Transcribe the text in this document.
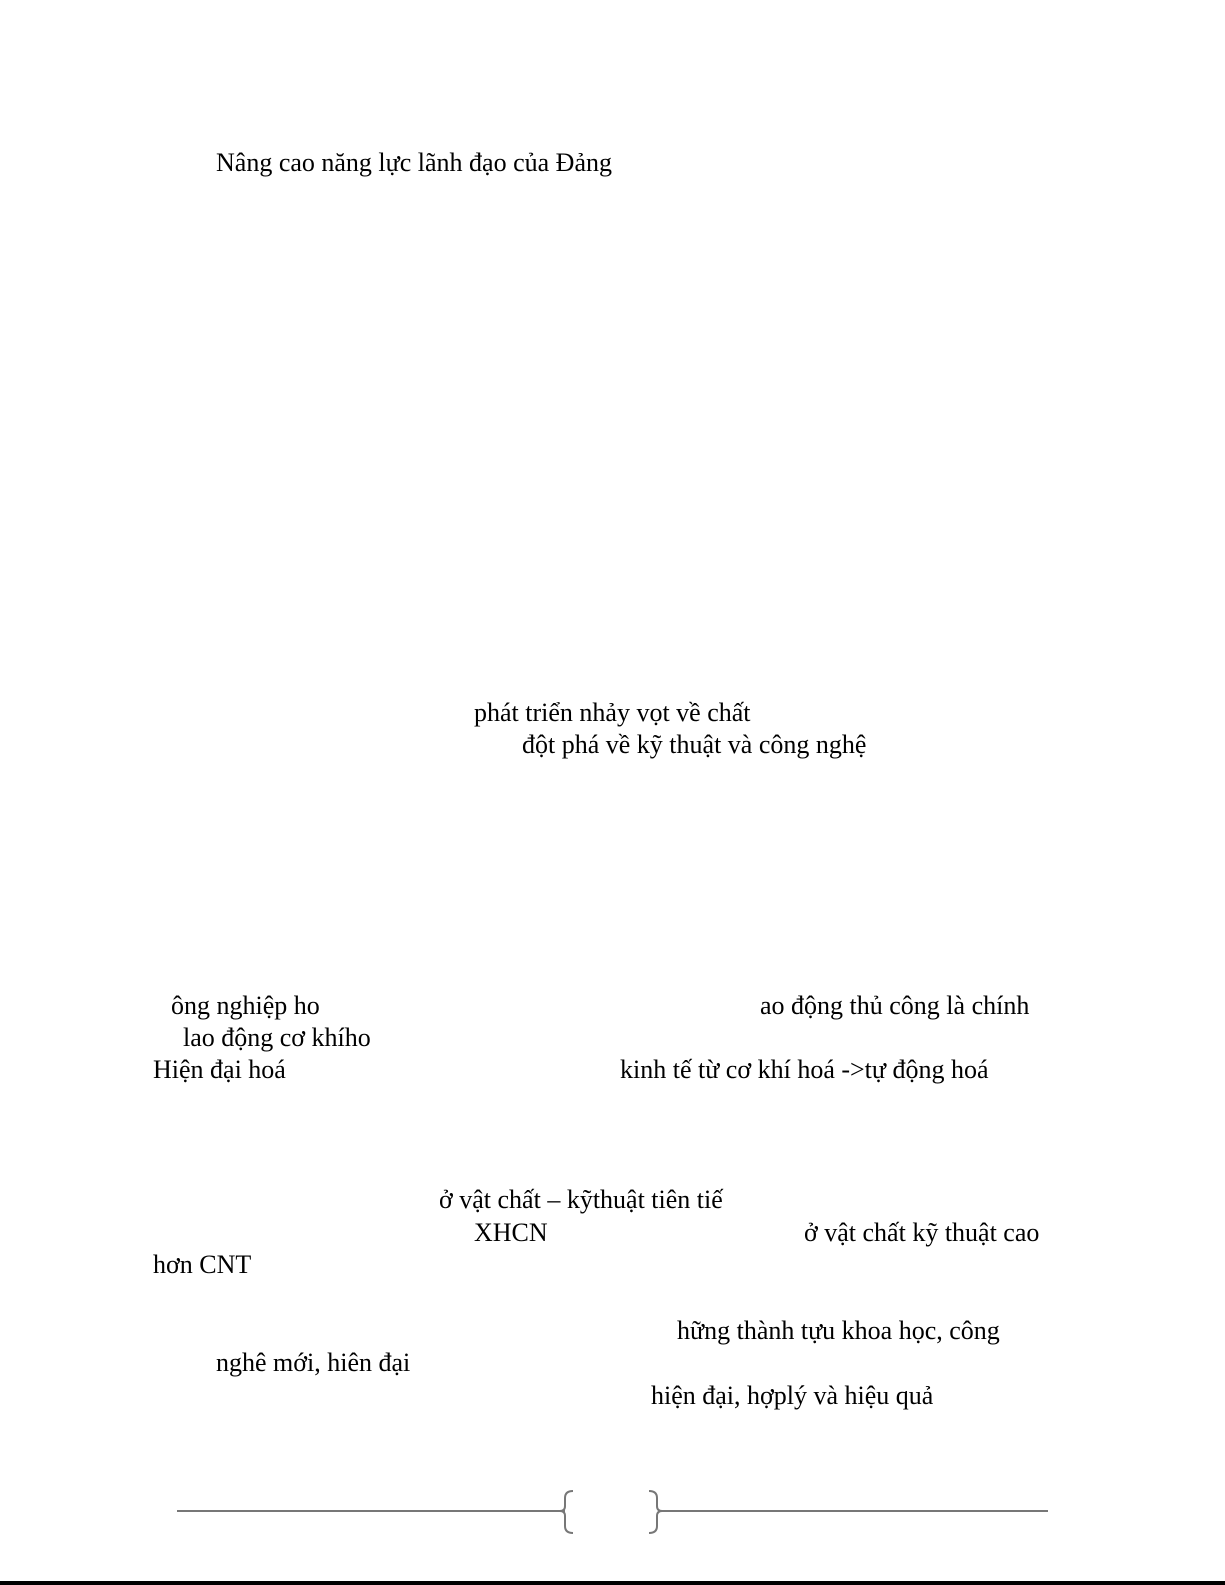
Nâng cao năng lực lãnh đạo của Đảng
phát triển nhảy vọt về chất
đột phá về kỹ thuật và công nghệ
ông nghiệp ho	ao động thủ công là chính
lao động cơ khího
Hiện đại hoá	kinh tế từ cơ khí hoá ->tự động hoá
ở vật chất – kỹthuật tiên tiế
XHCN	ở vật chất kỹ thuật cao
hơn CNT
hững thành tựu khoa học, công
nghê mới, hiên đại
hiện đại, hợplý và hiệu quả
